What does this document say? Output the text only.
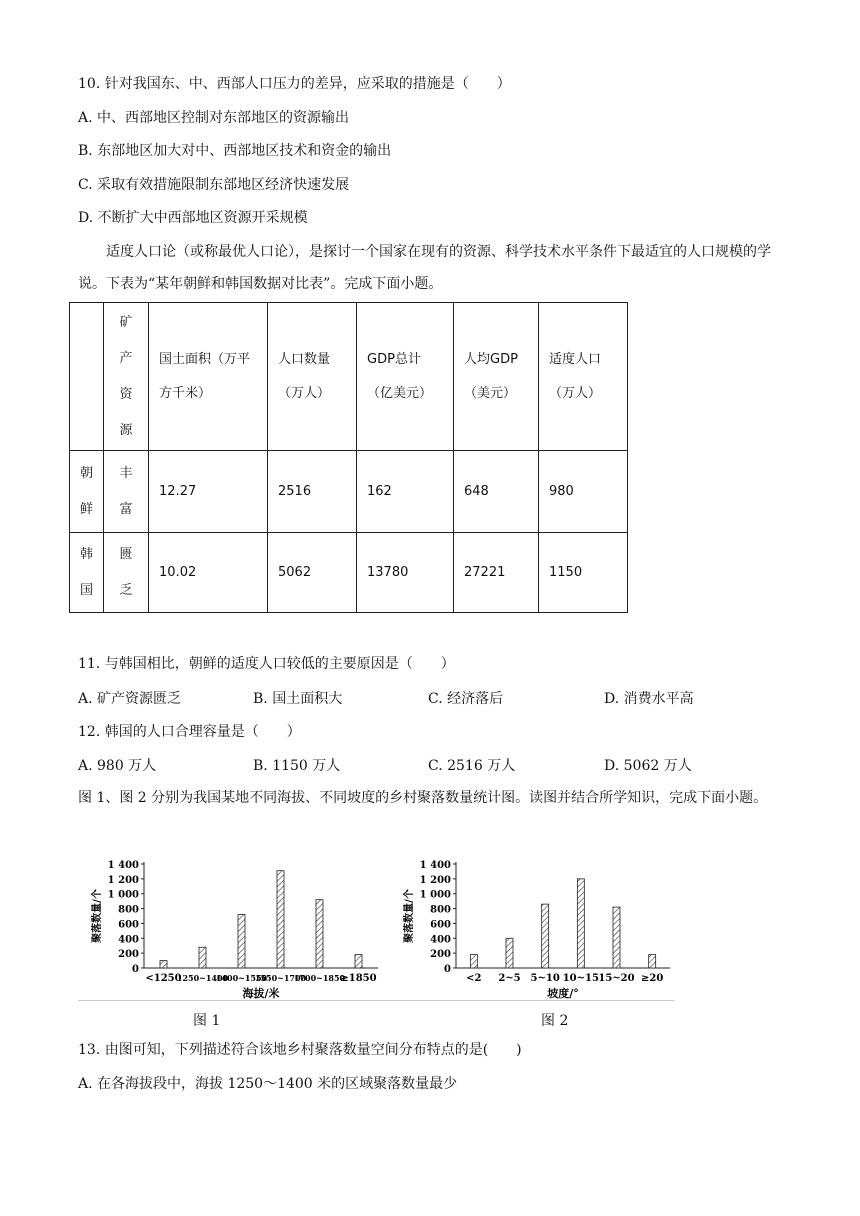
10. 针对我国东、中、西部人口压力的差异，应采取的措施是（　　）
A. 中、西部地区控制对东部地区的资源输出
B. 东部地区加大对中、西部地区技术和资金的输出
C. 采取有效措施限制东部地区经济快速发展
D. 不断扩大中西部地区资源开采规模
适度人口论（或称最优人口论），是探讨一个国家在现有的资源、科学技术水平条件下最适宜的人口规模的学说。下表为“某年朝鲜和韩国数据对比表”。完成下面小题。
	矿产资源	国土面积（万平方千米）	人口数量（万人）	GDP总计（亿美元）	人均GDP（美元）	适度人口（万人）
朝鲜	丰富	12.27	2516	162	648	980
韩国	匮乏	10.02	5062	13780	27221	1150
11. 与韩国相比，朝鲜的适度人口较低的主要原因是（　　）
A. 矿产资源匮乏	B. 国土面积大	C. 经济落后	D. 消费水平高
12. 韩国的人口合理容量是（　　）
A. 980 万人	B. 1150 万人	C. 2516 万人	D. 5062 万人
图 1、图 2 分别为我国某地不同海拔、不同坡度的乡村聚落数量统计图。读图并结合所学知识，完成下面小题。
聚落数量/个
0
200
400
600
800
1 000
1 200
1 400
<1250
1250~1400
1400~1550
1550~1700
1700~1850
≥1850
海拔/米
聚落数量/个
0
200
400
600
800
1 000
1 200
1 400
<2 2~5 5~10 10~15 15~20 ≥20
坡度/°
图 1	图 2
13. 由图可知，下列描述符合该地乡村聚落数量空间分布特点的是(　　)
A. 在各海拔段中，海拔 1250～1400 米的区域聚落数量最少
